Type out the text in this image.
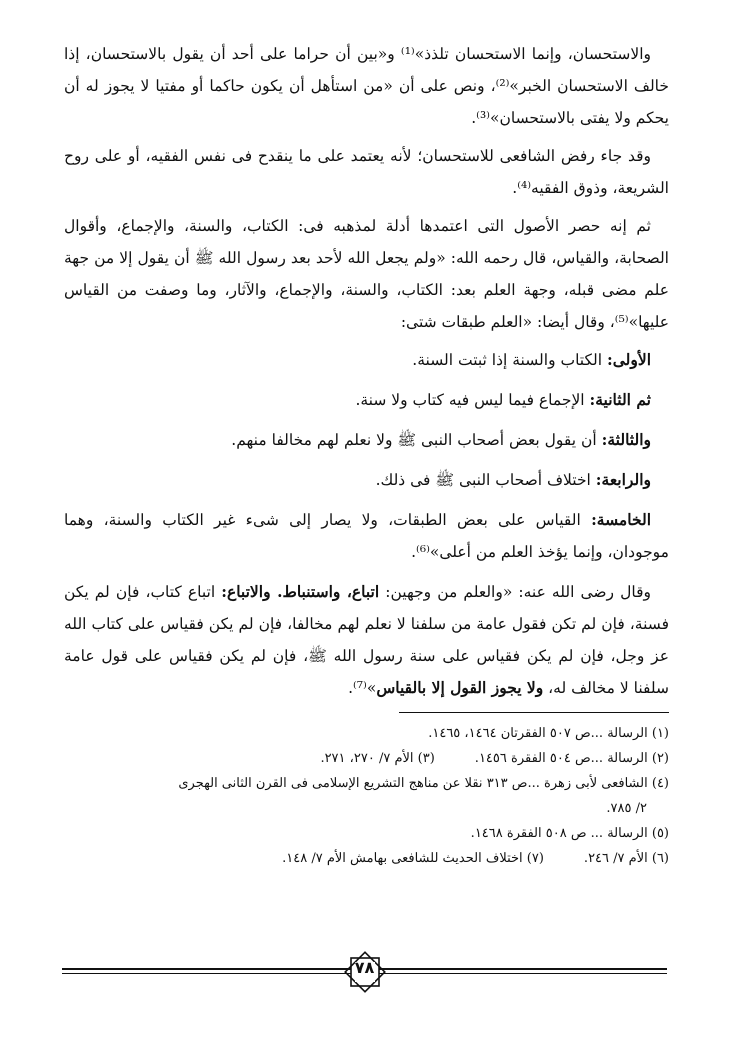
والاستحسان، وإنما الاستحسان تلذذ»⁽¹⁾ و«بين أن حراما على أحد أن يقول بالاستحسان، إذا خالف الاستحسان الخبر»⁽²⁾، ونص على أن «من استأهل أن يكون حاكما أو مفتيا لا يجوز له أن يحكم ولا يفتى بالاستحسان»⁽³⁾.

وقد جاء رفض الشافعى للاستحسان؛ لأنه يعتمد على ما ينقدح فى نفس الفقيه، أو على روح الشريعة، وذوق الفقيه⁽⁴⁾.

ثم إنه حصر الأصول التى اعتمدها أدلة لمذهبه فى: الكتاب، والسنة، والإجماع، وأقوال الصحابة، والقياس، قال رحمه الله: «ولم يجعل الله لأحد بعد رسول الله ﷺ أن يقول إلا من جهة علم مضى قبله، وجهة العلم بعد: الكتاب، والسنة، والإجماع، والآثار، وما وصفت من القياس عليها»⁽⁵⁾، وقال أيضا: «العلم طبقات شتى:

الأولى: الكتاب والسنة إذا ثبتت السنة.

ثم الثانية: الإجماع فيما ليس فيه كتاب ولا سنة.

والثالثة: أن يقول بعض أصحاب النبى ﷺ ولا نعلم لهم مخالفا منهم.

والرابعة: اختلاف أصحاب النبى ﷺ فى ذلك.

الخامسة: القياس على بعض الطبقات، ولا يصار إلى شىء غير الكتاب والسنة، وهما موجودان، وإنما يؤخذ العلم من أعلى»⁽⁶⁾.

وقال رضى الله عنه: «والعلم من وجهين: اتباع، واستنباط. والاتباع: اتباع كتاب، فإن لم يكن فسنة، فإن لم تكن فقول عامة من سلفنا لا نعلم لهم مخالفا، فإن لم يكن فقياس على كتاب الله عز وجل، فإن لم يكن فقياس على سنة رسول الله ﷺ، فإن لم يكن فقياس على قول عامة سلفنا لا مخالف له، ولا يجوز القول إلا بالقياس»⁽⁷⁾.

(١) الرسالة ...ص ٥٠٧ الفقرتان ١٤٦٤، ١٤٦٥.

(٢) الرسالة ...ص ٥٠٤ الفقرة ١٤٥٦.(٣) الأم ٧/ ٢٧٠، ٢٧١.

(٤) الشافعى لأبى زهرة ...ص ٣١٣ نقلا عن مناهج التشريع الإسلامى فى القرن الثانى الهجرى
٢/ ٧٨٥.

(٥) الرسالة ... ص ٥٠٨ الفقرة ١٤٦٨.

(٦) الأم ٧/ ٢٤٦.(٧) اختلاف الحديث للشافعى بهامش الأم ٧/ ١٤٨.

٧٨
